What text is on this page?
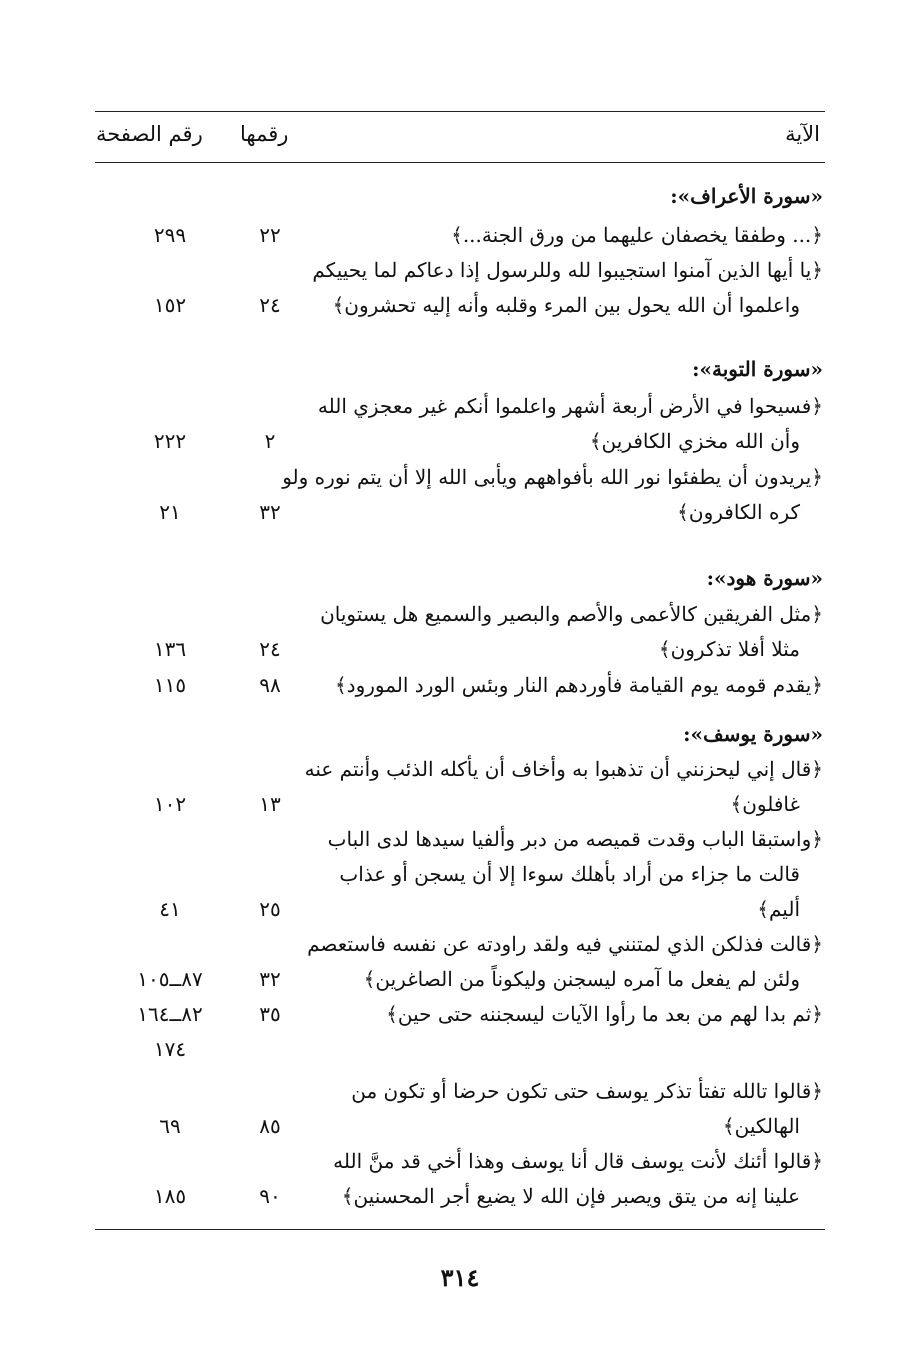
الآية
رقمها
رقم الصفحة
«سورة الأعراف»:
﴿... وطفقا يخصفان عليهما من ورق الجنة...﴾
٢٢
٢٩٩
﴿يا أيها الذين آمنوا استجيبوا لله وللرسول إذا دعاكم لما يحييكم
واعلموا أن الله يحول بين المرء وقلبه وأنه إليه تحشرون﴾
٢٤
١٥٢
«سورة التوبة»:
﴿فسيحوا في الأرض أربعة أشهر واعلموا أنكم غير معجزي الله
وأن الله مخزي الكافرين﴾
٢
٢٢٢
﴿يريدون أن يطفئوا نور الله بأفواههم ويأبى الله إلا أن يتم نوره ولو
كره الكافرون﴾
٣٢
٢١
«سورة هود»:
﴿مثل الفريقين كالأعمى والأصم والبصير والسميع هل يستويان
مثلا أفلا تذكرون﴾
٢٤
١٣٦
﴿يقدم قومه يوم القيامة فأوردهم النار وبئس الورد المورود﴾
٩٨
١١٥
«سورة يوسف»:
﴿قال إني ليحزنني أن تذهبوا به وأخاف أن يأكله الذئب وأنتم عنه
غافلون﴾
١٣
١٠٢
﴿واستبقا الباب وقدت قميصه من دبر وألفيا سيدها لدى الباب
قالت ما جزاء من أراد بأهلك سوءا إلا أن يسجن أو عذاب
أليم﴾
٢٥
٤١
﴿قالت فذلكن الذي لمتنني فيه ولقد راودته عن نفسه فاستعصم
ولئن لم يفعل ما آمره ليسجنن وليكوناً من الصاغرين﴾
٣٢
٨٧ــ١٠٥
﴿ثم بدا لهم من بعد ما رأوا الآيات ليسجننه حتى حين﴾
٣٥
٨٢ــ١٦٤
١٧٤
﴿قالوا تالله تفتأ تذكر يوسف حتى تكون حرضا أو تكون من
الهالكين﴾
٨٥
٦٩
﴿قالوا أئنك لأنت يوسف قال أنا يوسف وهذا أخي قد منَّ الله
علينا إنه من يتق ويصبر فإن الله لا يضيع أجر المحسنين﴾
٩٠
١٨٥
٣١٤
